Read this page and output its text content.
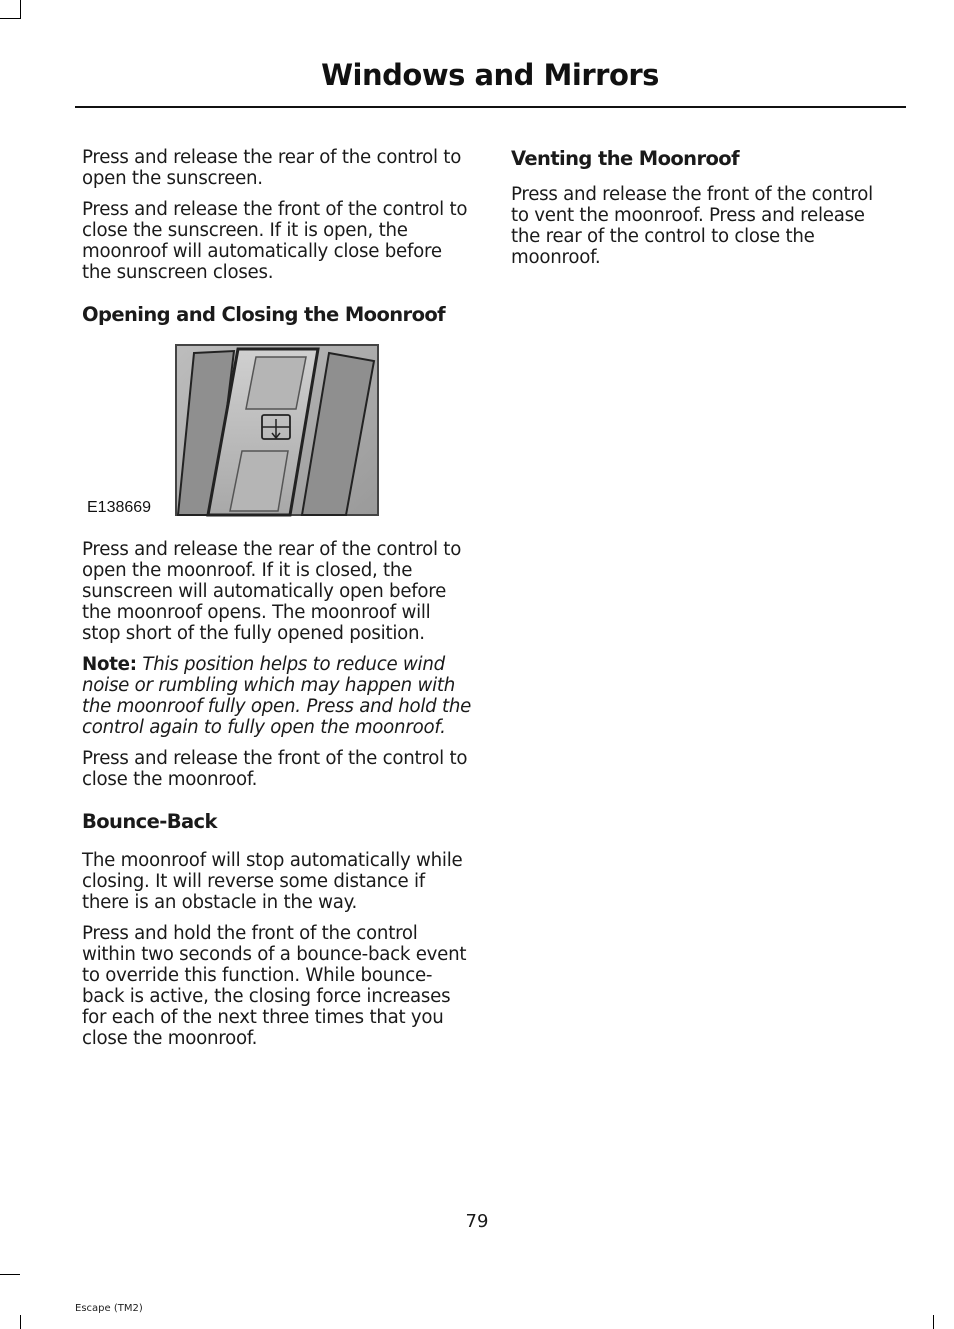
Windows and Mirrors

Press and release the rear of the control to open the sunscreen.

Press and release the front of the control to close the sunscreen. If it is open, the moonroof will automatically close before the sunscreen closes.

Opening and Closing the Moonroof
E138669

Press and release the rear of the control to open the moonroof. If it is closed, the sunscreen will automatically open before the moonroof opens. The moonroof will stop short of the fully opened position.

Note: This position helps to reduce wind noise or rumbling which may happen with the moonroof fully open. Press and hold the control again to fully open the moonroof.

Press and release the front of the control to close the moonroof.

Bounce-Back

The moonroof will stop automatically while closing. It will reverse some distance if there is an obstacle in the way.

Press and hold the front of the control within two seconds of a bounce-back event to override this function. While bounce-back is active, the closing force increases for each of the next three times that you close the moonroof.

Venting the Moonroof

Press and release the front of the control to vent the moonroof. Press and release the rear of the control to close the moonroof.

79
Escape (TM2)
